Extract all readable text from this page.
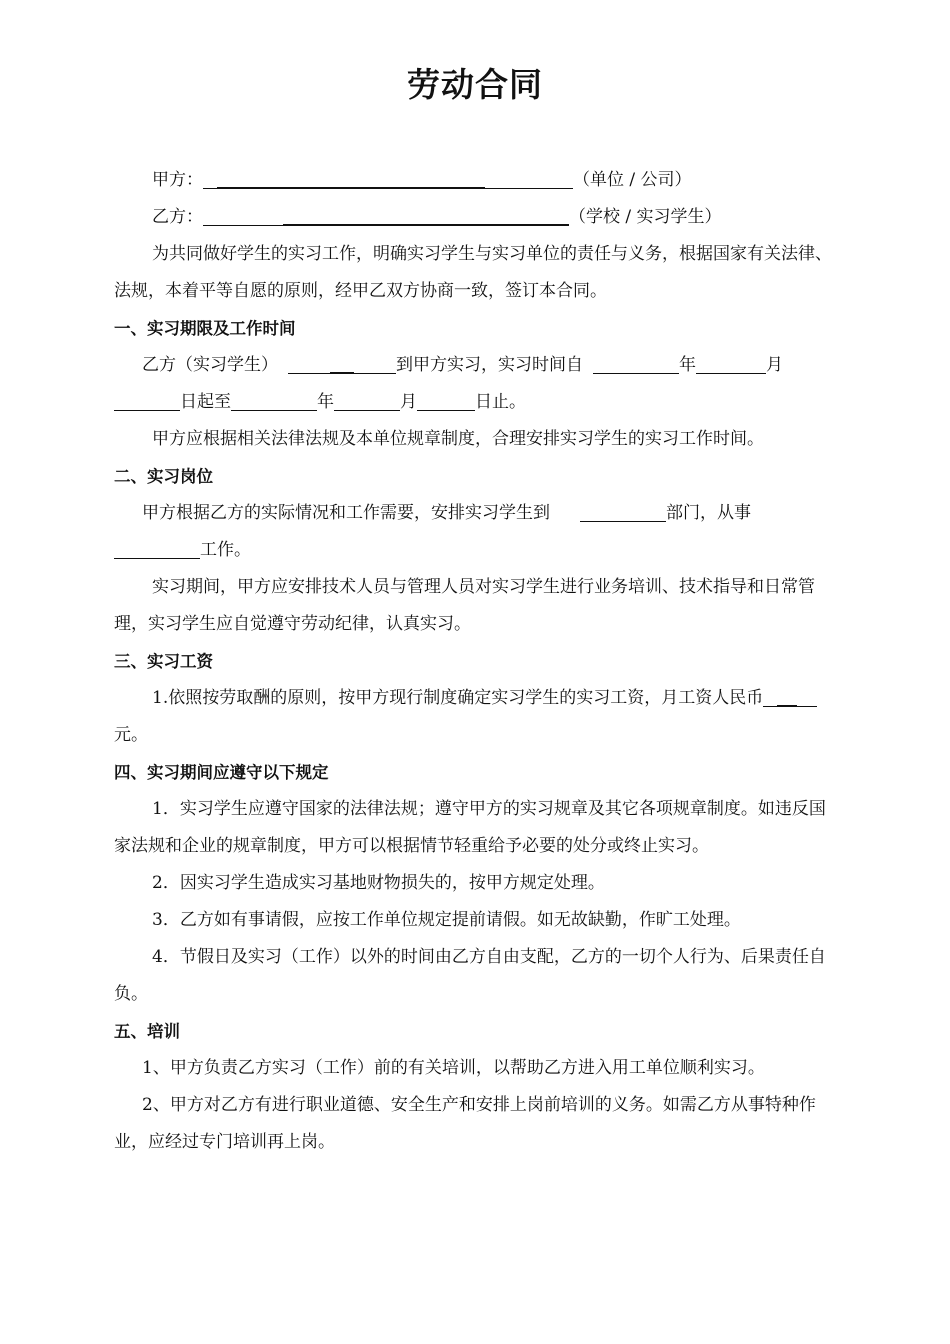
劳动合同

甲方：	（单位 / 公司）

乙方：	（学校 / 实习学生）

为共同做好学生的实习工作，明确实习学生与实习单位的责任与义务，根据国家有关法律、法规，本着平等自愿的原则，经甲乙双方协商一致，签订本合同。

一、实习期限及工作时间

乙方（实习学生）	到甲方实习，实习时间自	年	月
日起至	年	月	日止。

甲方应根据相关法律法规及本单位规章制度，合理安排实习学生的实习工作时间。

二、实习岗位

甲方根据乙方的实际情况和工作需要，安排实习学生到	部门，从事
工作。

实习期间，甲方应安排技术人员与管理人员对实习学生进行业务培训、技术指导和日常管理，实习学生应自觉遵守劳动纪律，认真实习。

三、实习工资

1.依照按劳取酬的原则，按甲方现行制度确定实习学生的实习工资，月工资人民币元。

四、实习期间应遵守以下规定

1．实习学生应遵守国家的法律法规；遵守甲方的实习规章及其它各项规章制度。如违反国家法规和企业的规章制度，甲方可以根据情节轻重给予必要的处分或终止实习。

2．因实习学生造成实习基地财物损失的，按甲方规定处理。

3．乙方如有事请假，应按工作单位规定提前请假。如无故缺勤，作旷工处理。

4．节假日及实习（工作）以外的时间由乙方自由支配，乙方的一切个人行为、后果责任自负。

五、培训

1、甲方负责乙方实习（工作）前的有关培训，以帮助乙方进入用工单位顺利实习。

2、甲方对乙方有进行职业道德、安全生产和安排上岗前培训的义务。如需乙方从事特种作业，应经过专门培训再上岗。
